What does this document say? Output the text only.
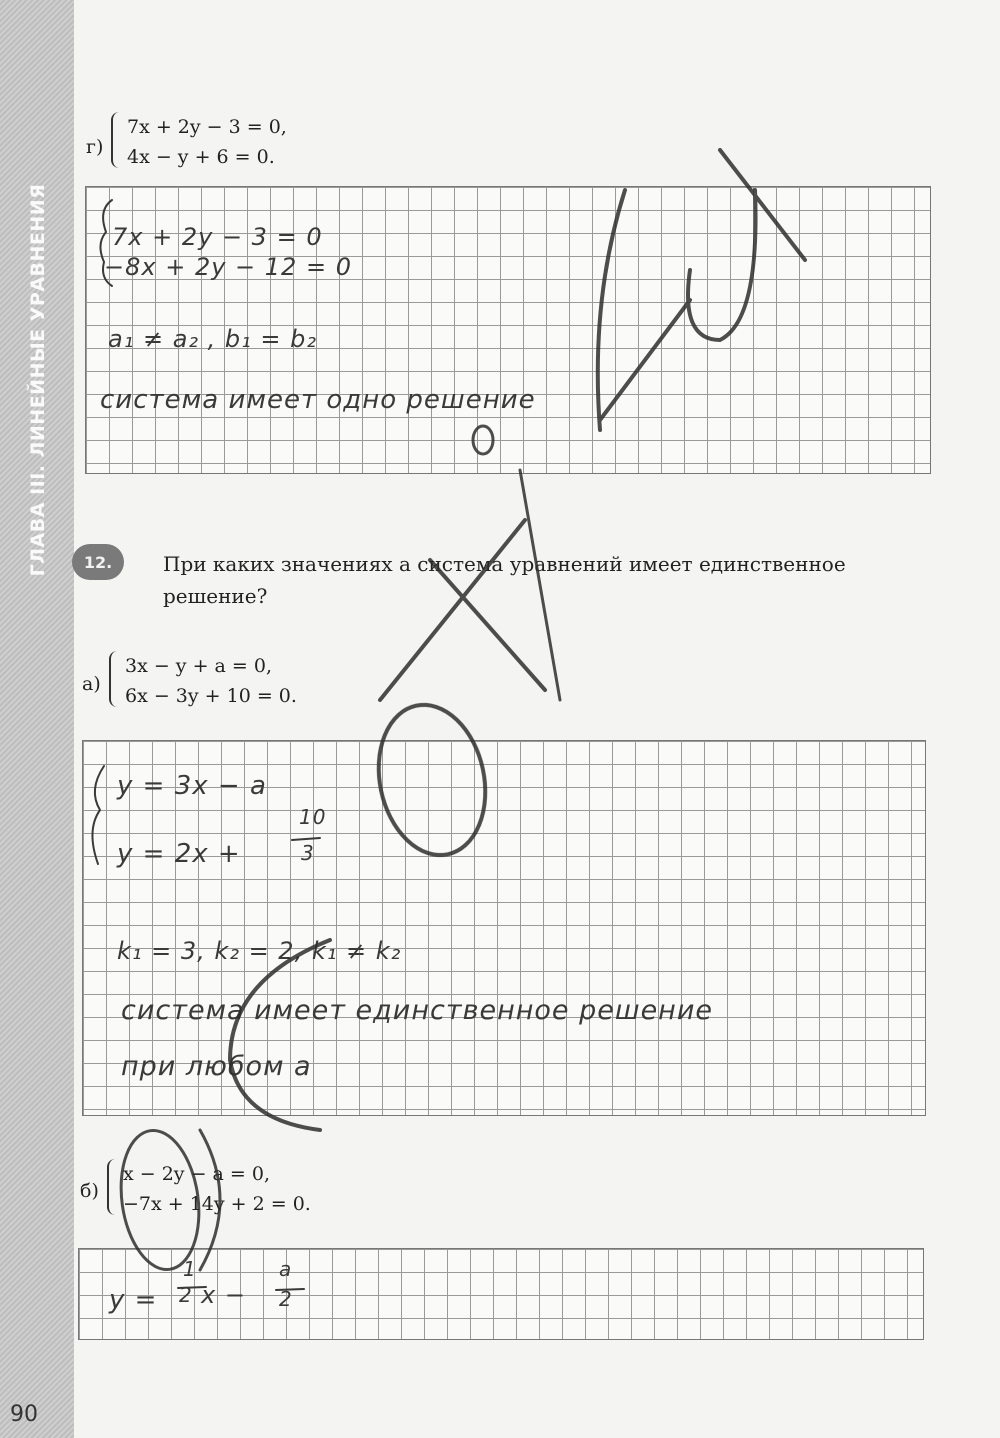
ГЛАВА III. ЛИНЕЙНЫЕ УРАВНЕНИЯ
90
г)
7x + 2y − 3 = 0,
4x − y + 6 = 0.
7x + 2y − 3 = 0
−8x + 2y − 12 = 0
a₁ ≠ a₂ , b₁ = b₂
система имеет одно решение
12.	При каких значениях a система уравнений имеет единственное решение?
а)
3x − y + a = 0,
6x − 3y + 10 = 0.
y = 3x − a
y = 2x +
10
3
k₁ = 3, k₂ = 2, k₁ ≠ k₂
система имеет единственное решение
при любом a
б)
x − 2y − a = 0,
−7x + 14y + 2 = 0.
y =
1
2 x −
a
2
